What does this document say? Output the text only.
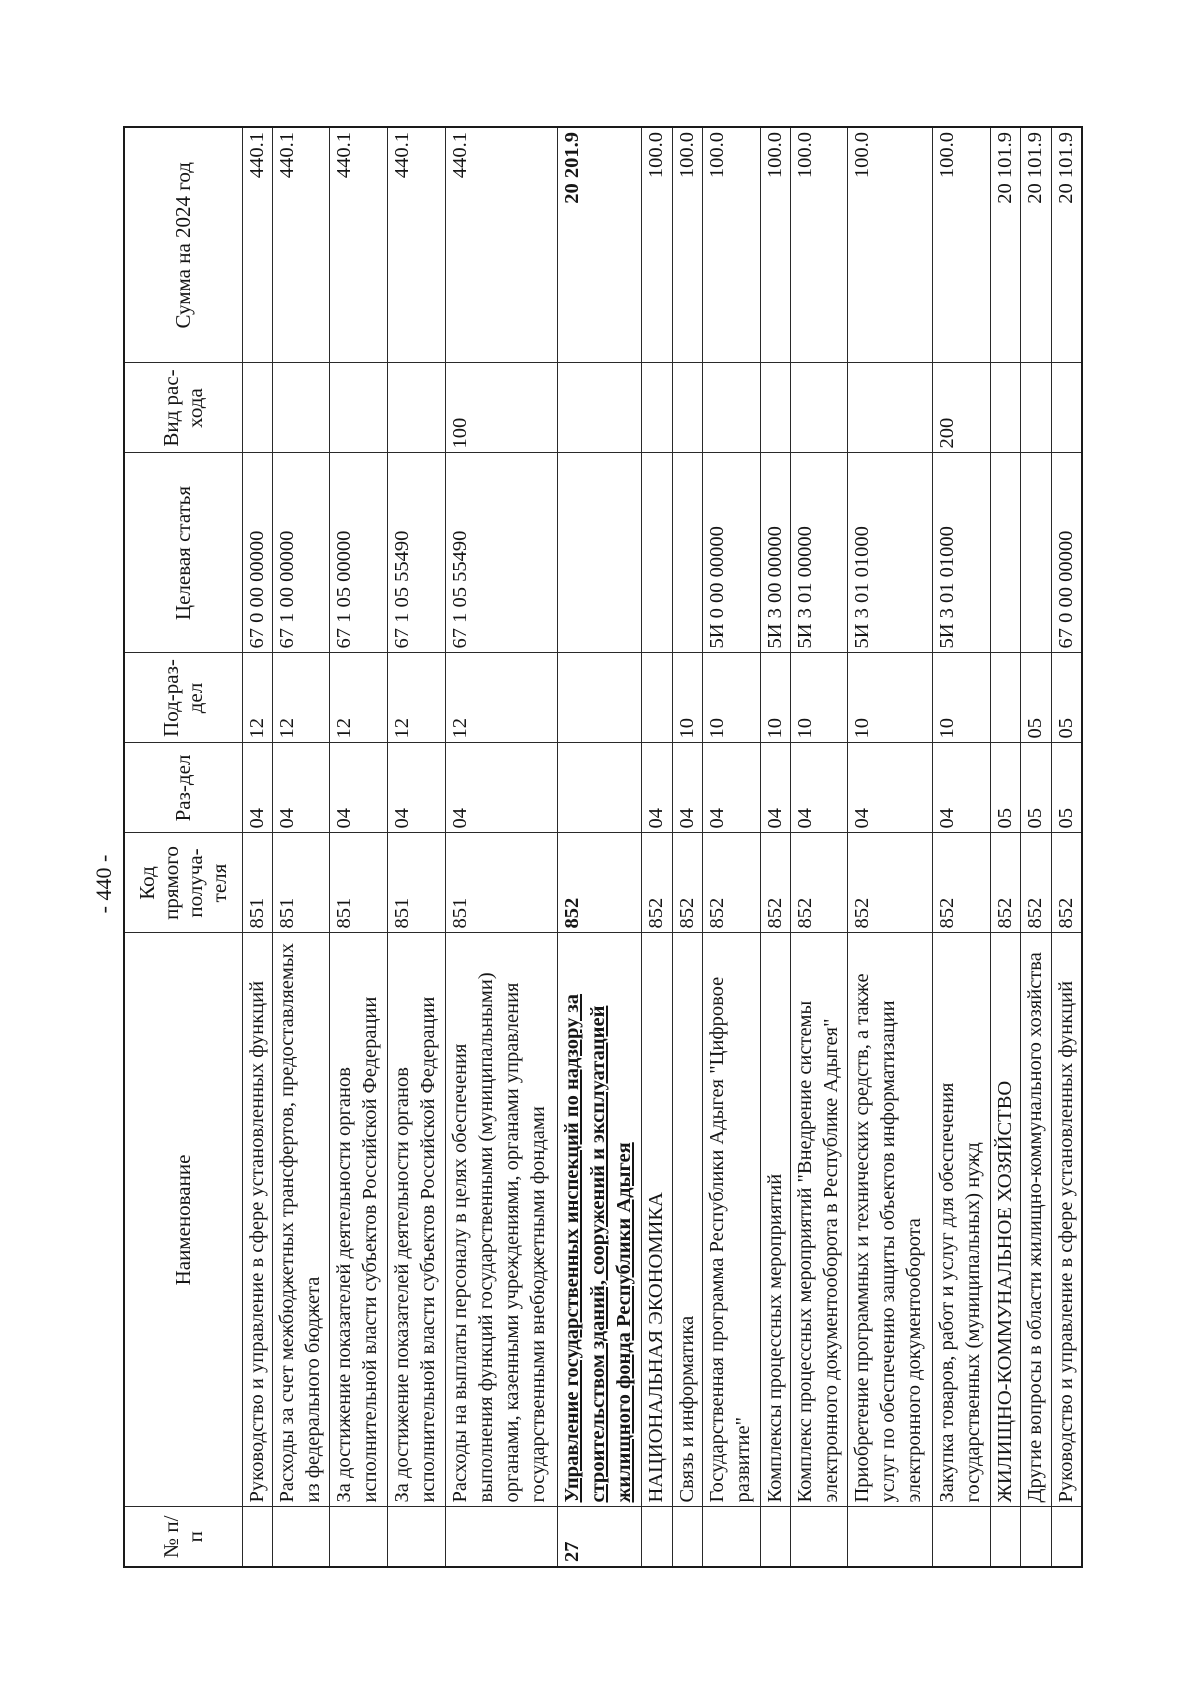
- 440 -
№ п/п	Наименование	Код прямого получа-теля	Раз-дел	Под-раз-дел	Целевая статья	Вид рас-хода	Сумма на 2024 год
	Руководство и управление в сфере установленных функций	851	04	12	67 0 00 00000		440.1
	Расходы за счет межбюджетных трансфертов, предоставляемых из федерального бюджета	851	04	12	67 1 00 00000		440.1
	За достижение показателей деятельности органов исполнительной власти субъектов Российской Федерации	851	04	12	67 1 05 00000		440.1
	За достижение показателей деятельности органов исполнительной власти субъектов Российской Федерации	851	04	12	67 1 05 55490		440.1
	Расходы на выплаты персоналу в целях обеспечения выполнения функций государственными (муниципальными) органами, казенными учреждениями, органами управления государственными внебюджетными фондами	851	04	12	67 1 05 55490	100	440.1
27	Управление государственных инспекций по надзору за строительством зданий, сооружений и эксплуатацией жилищного фонда Республики Адыгея	852					20 201.9
	НАЦИОНАЛЬНАЯ ЭКОНОМИКА	852	04				100.0
	Связь и информатика	852	04	10			100.0
	Государственная программа Республики Адыгея "Цифровое развитие"	852	04	10	5И 0 00 00000		100.0
	Комплексы процессных мероприятий	852	04	10	5И 3 00 00000		100.0
	Комплекс процессных мероприятий "Внедрение системы электронного документооборота в Республике Адыгея"	852	04	10	5И 3 01 00000		100.0
	Приобретение программных и технических средств, а также услуг по обеспечению защиты объектов информатизации электронного документооборота	852	04	10	5И 3 01 01000		100.0
	Закупка товаров, работ и услуг для обеспечения государственных (муниципальных) нужд	852	04	10	5И 3 01 01000	200	100.0
	ЖИЛИЩНО-КОММУНАЛЬНОЕ ХОЗЯЙСТВО	852	05				20 101.9
	Другие вопросы в области жилищно-коммунального хозяйства	852	05	05			20 101.9
	Руководство и управление в сфере установленных функций	852	05	05	67 0 00 00000		20 101.9
